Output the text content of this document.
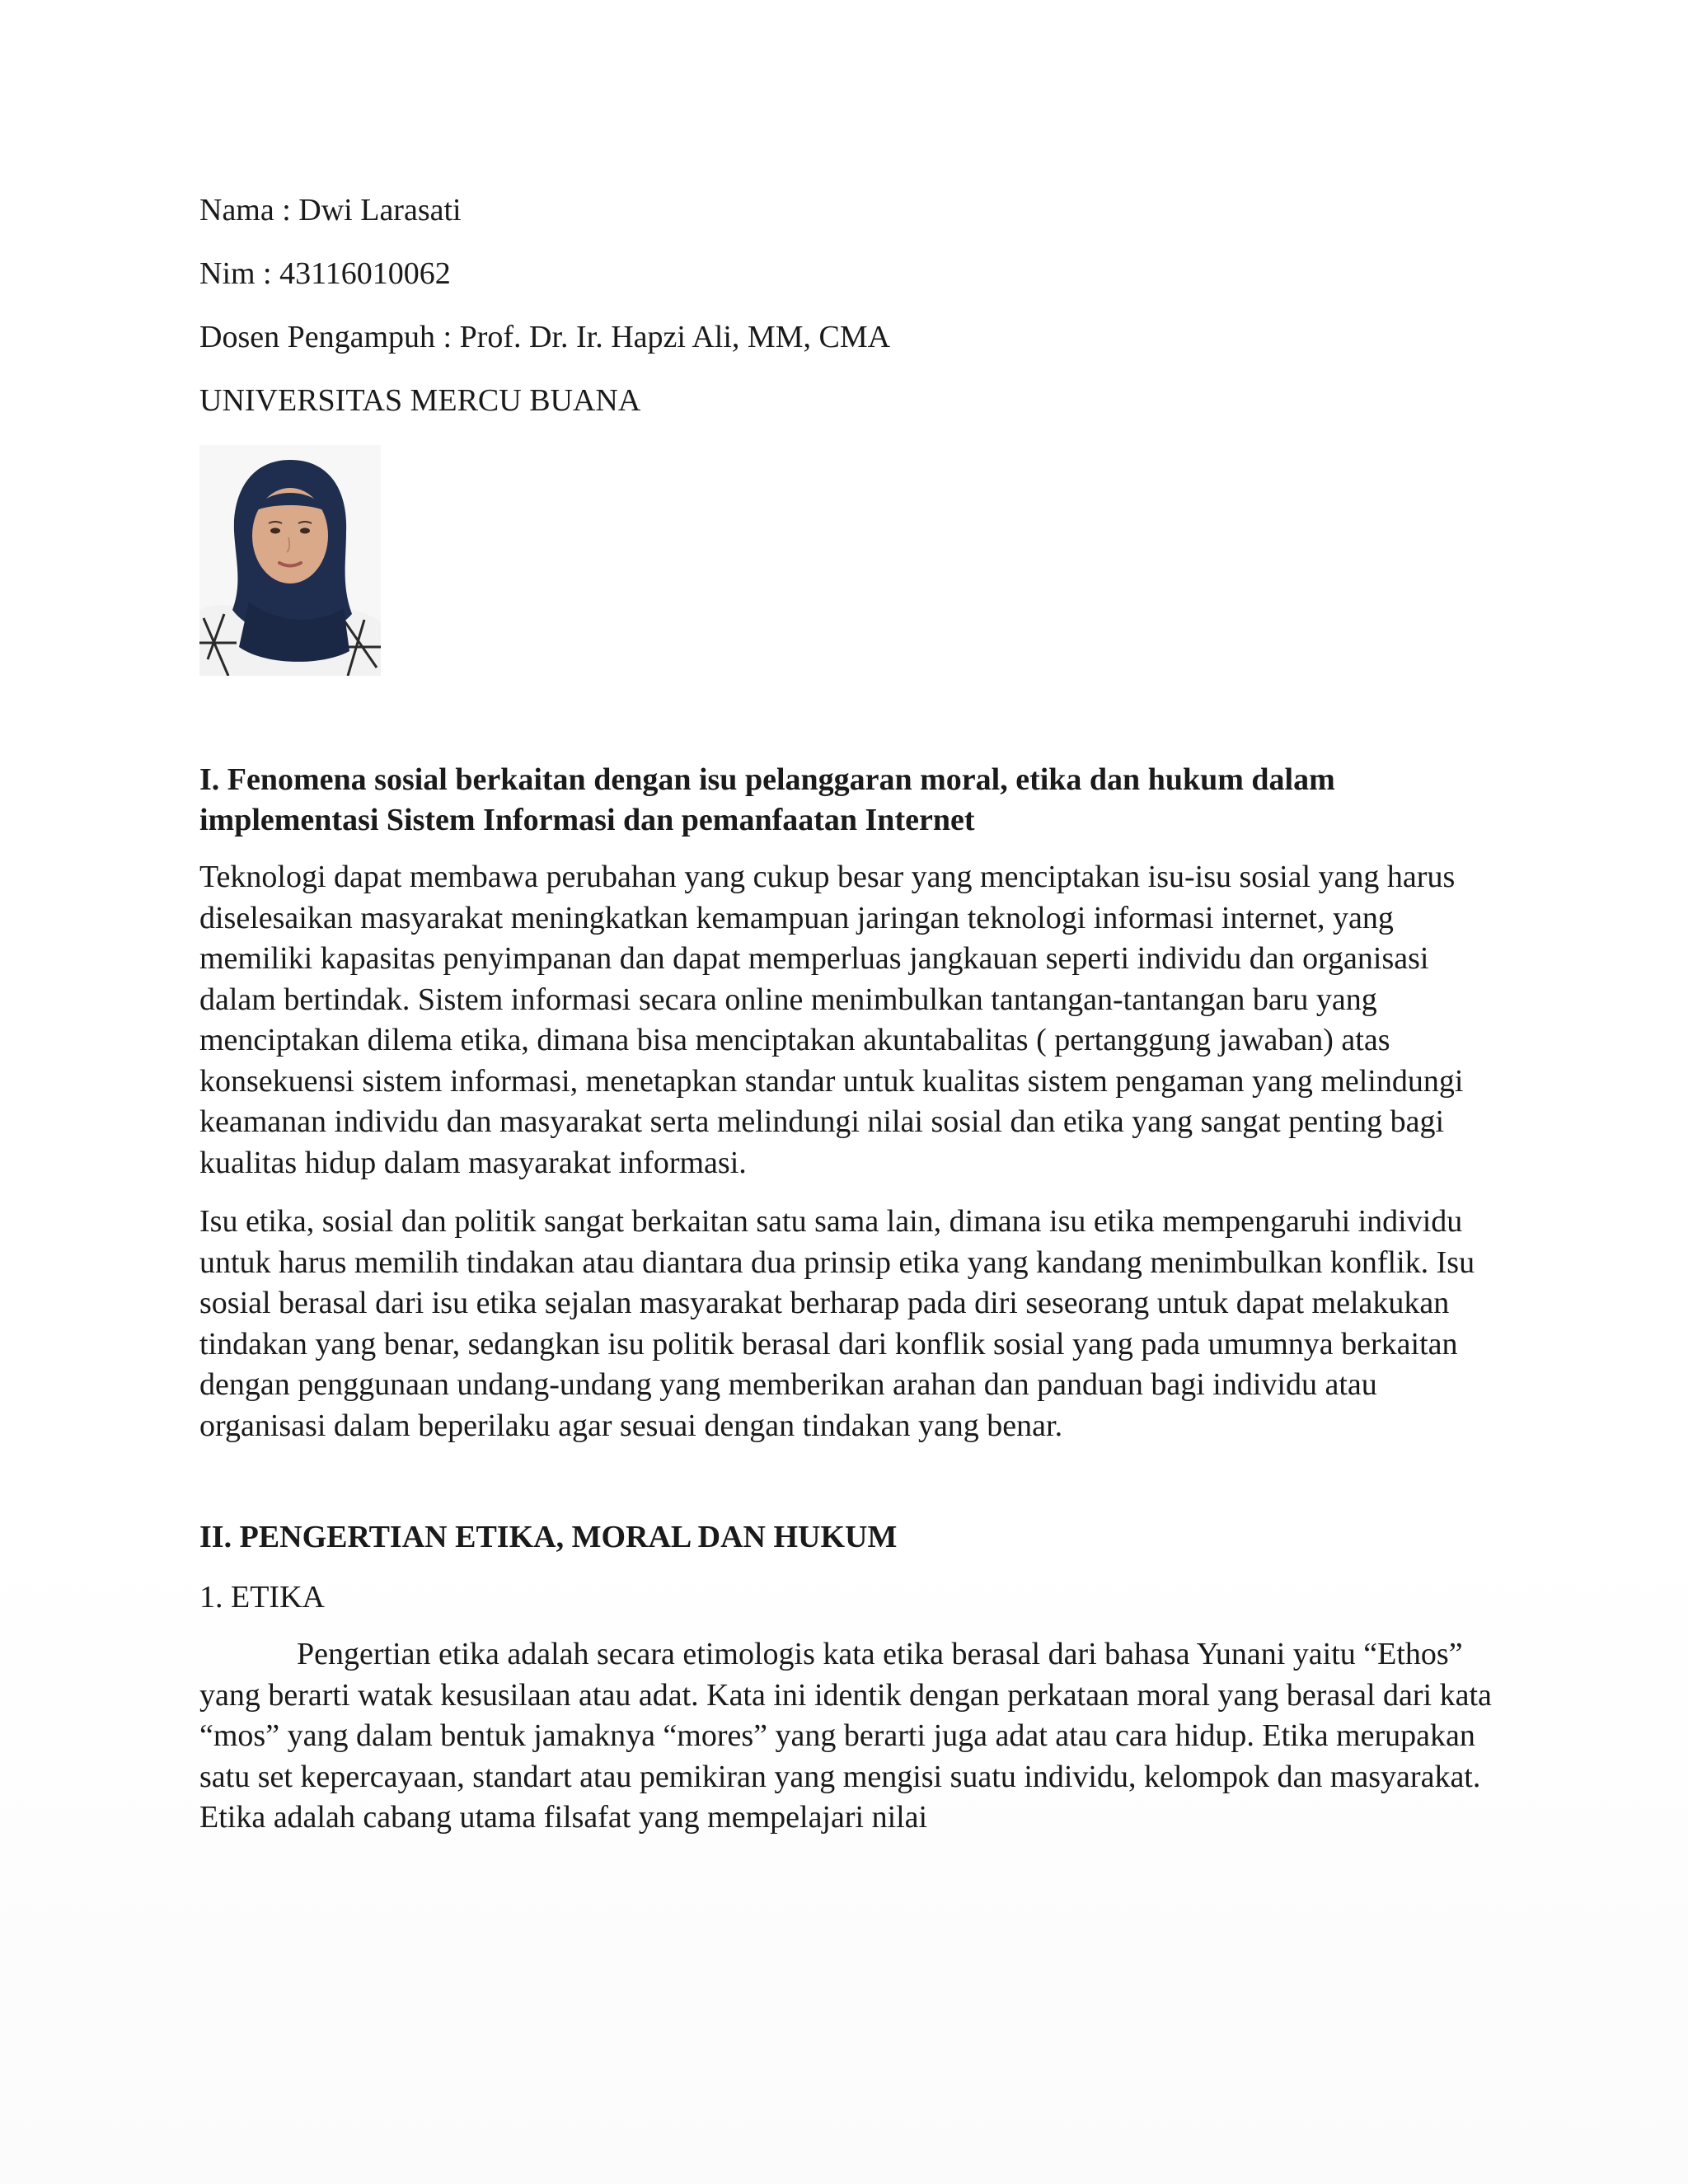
Nama : Dwi Larasati

Nim : 43116010062

Dosen Pengampuh : Prof. Dr. Ir. Hapzi Ali, MM, CMA

UNIVERSITAS MERCU BUANA

I. Fenomena sosial berkaitan dengan isu pelanggaran moral, etika dan hukum dalam implementasi Sistem Informasi dan pemanfaatan Internet

Teknologi dapat membawa perubahan yang cukup besar yang menciptakan isu-isu sosial yang harus diselesaikan masyarakat meningkatkan kemampuan jaringan teknologi informasi internet, yang memiliki kapasitas penyimpanan dan dapat memperluas jangkauan seperti individu dan organisasi dalam bertindak. Sistem informasi secara online menimbulkan tantangan-tantangan baru yang menciptakan dilema etika, dimana bisa menciptakan akuntabalitas ( pertanggung jawaban) atas konsekuensi sistem informasi, menetapkan standar untuk kualitas sistem pengaman yang melindungi keamanan individu dan masyarakat serta melindungi nilai sosial dan etika yang sangat penting bagi kualitas hidup dalam masyarakat informasi.

Isu etika, sosial dan politik sangat berkaitan satu sama lain, dimana isu etika mempengaruhi individu untuk harus memilih tindakan atau diantara dua prinsip etika yang kandang menimbulkan konflik. Isu sosial berasal dari isu etika sejalan masyarakat berharap pada diri seseorang untuk dapat melakukan tindakan yang benar, sedangkan isu politik berasal dari konflik sosial yang pada umumnya berkaitan dengan penggunaan undang-undang yang memberikan arahan dan panduan bagi individu atau organisasi dalam beperilaku agar sesuai dengan tindakan yang benar.

II. PENGERTIAN ETIKA, MORAL DAN HUKUM

1. ETIKA

Pengertian etika adalah secara etimologis kata etika berasal dari bahasa Yunani yaitu “Ethos” yang berarti watak kesusilaan atau adat. Kata ini identik dengan perkataan moral yang berasal dari kata “mos” yang dalam bentuk jamaknya “mores” yang berarti juga adat atau cara hidup. Etika merupakan satu set kepercayaan, standart atau pemikiran yang mengisi suatu individu, kelompok dan masyarakat. Etika adalah cabang utama filsafat yang mempelajari nilai
